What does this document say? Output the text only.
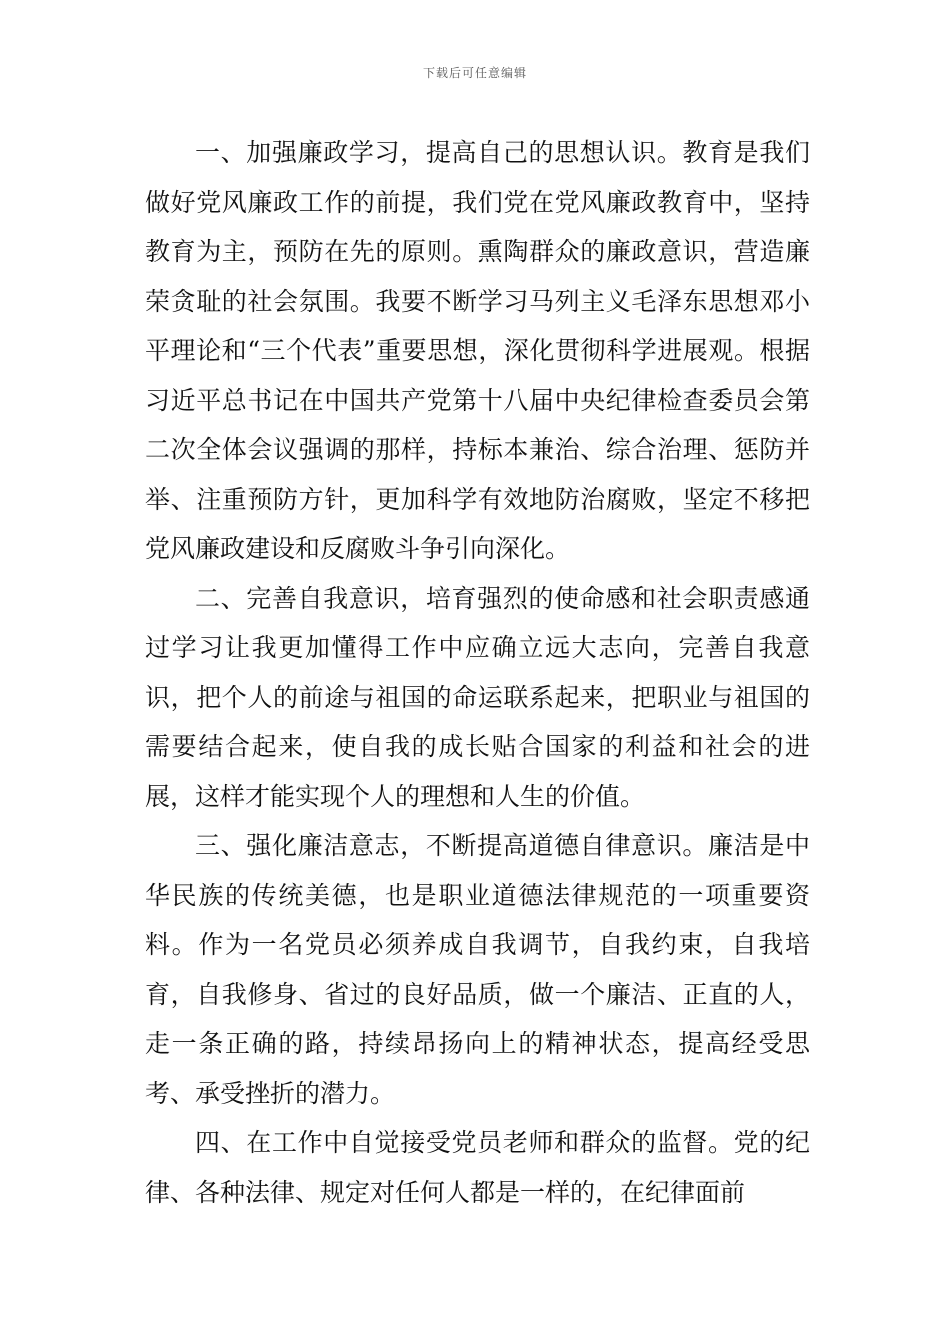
下载后可任意编辑

一、加强廉政学习，提高自己的思想认识。教育是我们做好党风廉政工作的前提，我们党在党风廉政教育中，坚持教育为主，预防在先的原则。熏陶群众的廉政意识，营造廉荣贪耻的社会氛围。我要不断学习马列主义毛泽东思想邓小平理论和“三个代表”重要思想，深化贯彻科学进展观。根据习近平总书记在中国共产党第十八届中央纪律检查委员会第二次全体会议强调的那样，持标本兼治、综合治理、惩防并举、注重预防方针，更加科学有效地防治腐败，坚定不移把党风廉政建设和反腐败斗争引向深化。

二、完善自我意识，培育强烈的使命感和社会职责感通过学习让我更加懂得工作中应确立远大志向，完善自我意识，把个人的前途与祖国的命运联系起来，把职业与祖国的需要结合起来，使自我的成长贴合国家的利益和社会的进展，这样才能实现个人的理想和人生的价值。

三、强化廉洁意志，不断提高道德自律意识。廉洁是中华民族的传统美德，也是职业道德法律规范的一项重要资料。作为一名党员必须养成自我调节，自我约束，自我培育，自我修身、省过的良好品质，做一个廉洁、正直的人，走一条正确的路，持续昂扬向上的精神状态，提高经受思考、承受挫折的潜力。

四、在工作中自觉接受党员老师和群众的监督。党的纪律、各种法律、规定对任何人都是一样的，在纪律面前
